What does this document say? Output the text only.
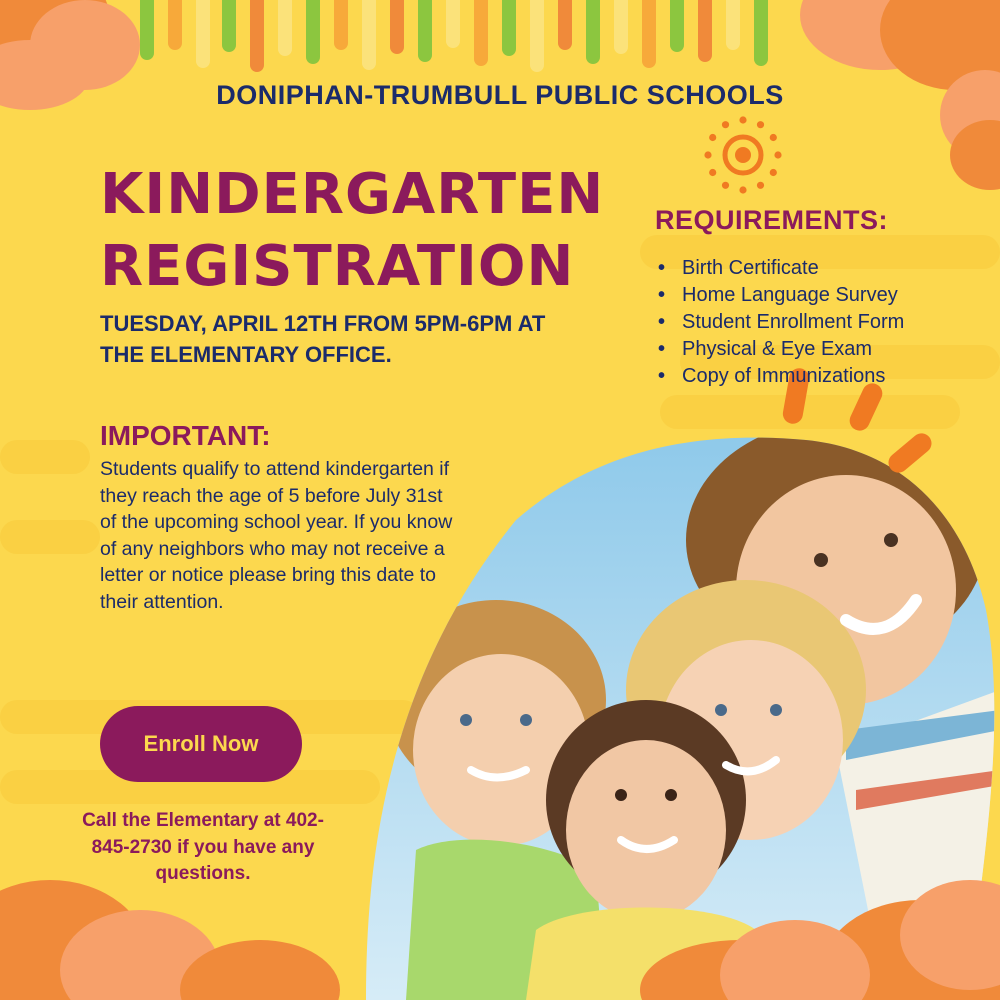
DONIPHAN-TRUMBULL PUBLIC SCHOOLS
KINDERGARTEN
REGISTRATION
TUESDAY, APRIL 12TH FROM 5PM-6PM AT THE ELEMENTARY OFFICE.
IMPORTANT:
Students qualify to attend kindergarten if they reach the age of 5 before July 31st of the upcoming school year. If you know of any neighbors who may not receive a letter or notice please bring this date to their attention.
REQUIREMENTS:
• Birth Certificate
• Home Language Survey
• Student Enrollment Form
• Physical & Eye Exam
• Copy of Immunizations
Enroll Now
Call the Elementary at 402-845-2730 if you have any questions.
